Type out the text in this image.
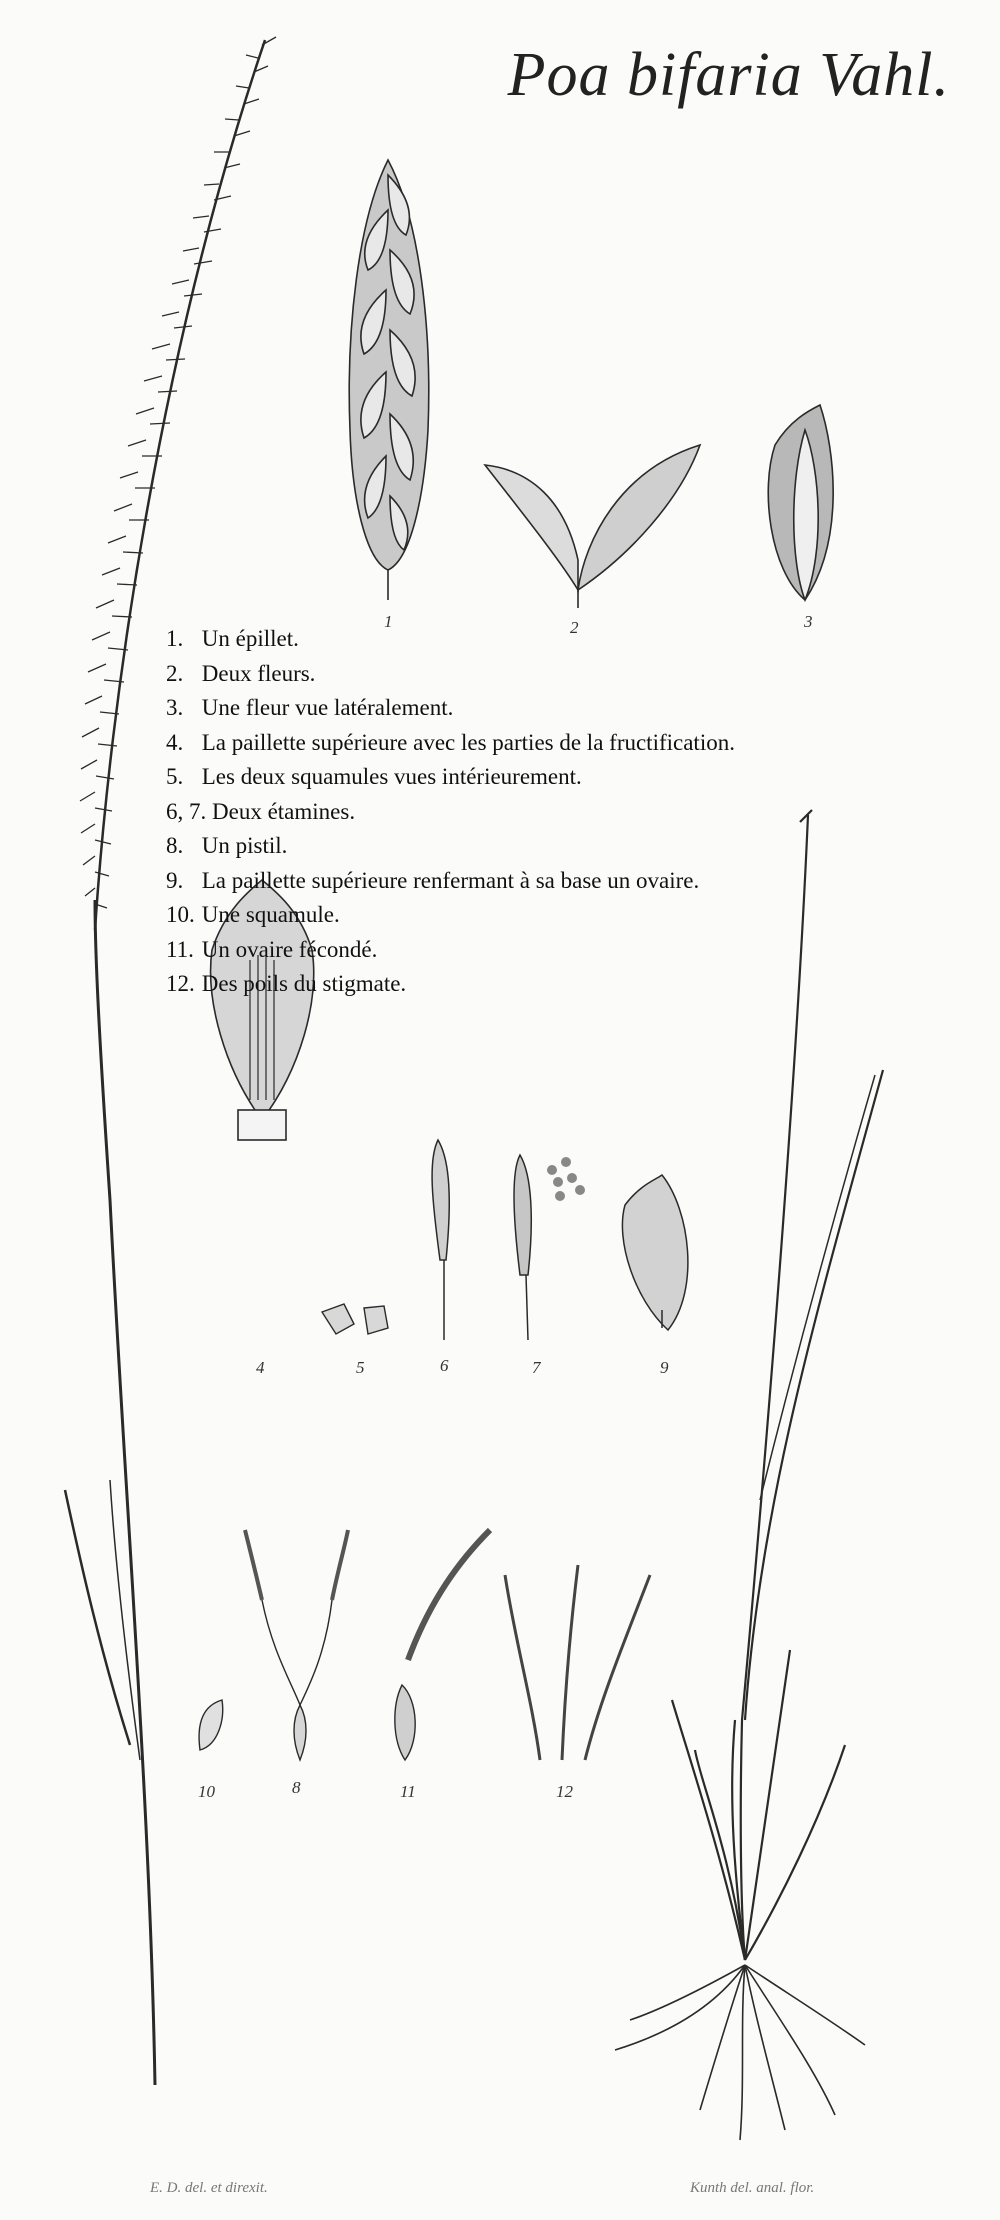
Poa bifaria Vahl.
1. Un épillet.
2. Deux fleurs.
3. Une fleur vue latéralement.
4. La paillette supérieure avec les parties de la fructification.
5. Les deux squamules vues intérieurement.
6, 7. Deux étamines.
8. Un pistil.
9. La paillette supérieure renfermant à sa base un ovaire.
10. Une squamule.
11. Un ovaire fécondé.
12. Des poils du stigmate.
1	2	3
4	5	6	7	9
10	8	11	12
E. D. del. et direxit.	Kunth del. anal. flor.
